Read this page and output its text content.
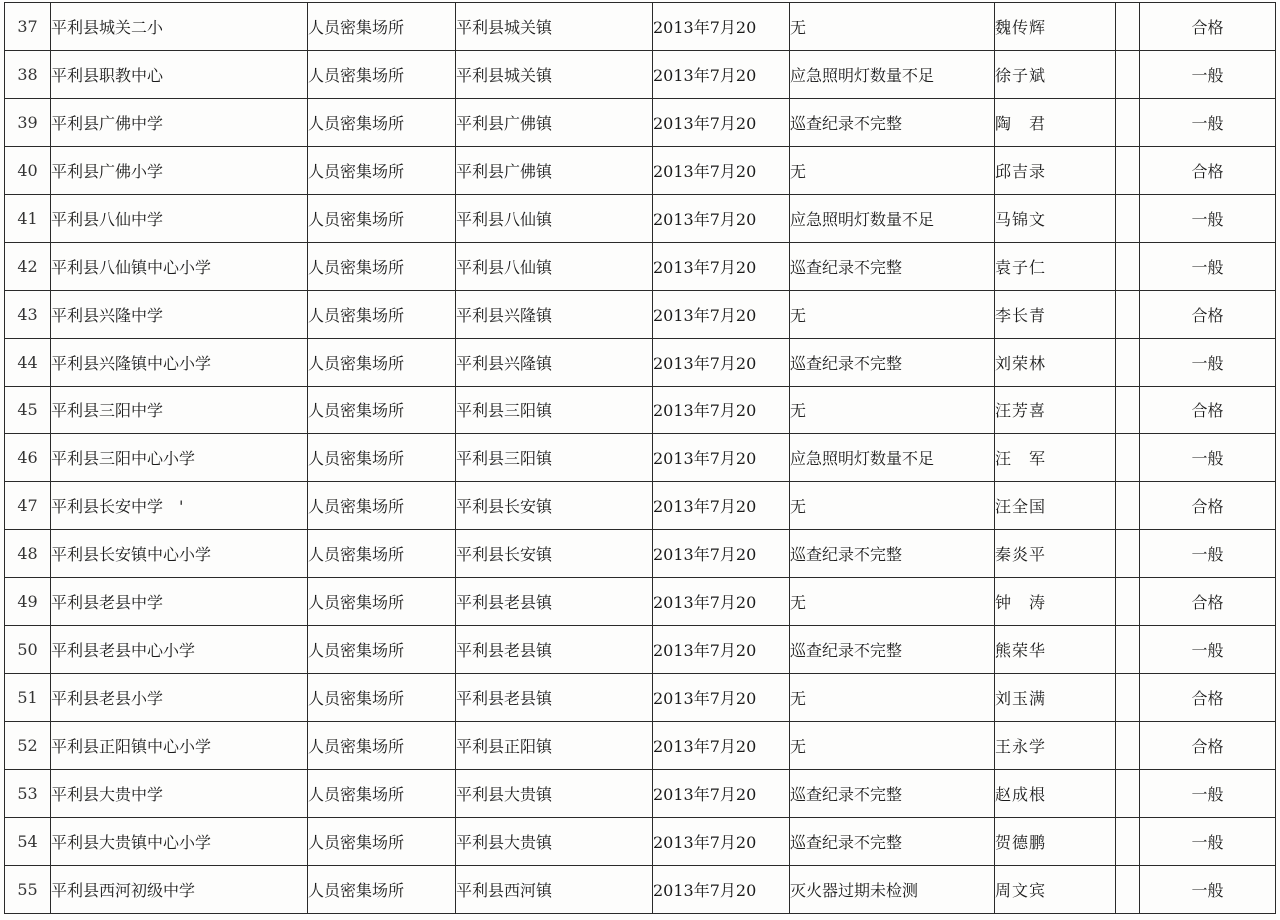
37	平利县城关二小	人员密集场所	平利县城关镇	2013年7月20	无	魏传辉		合格
38	平利县职教中心	人员密集场所	平利县城关镇	2013年7月20	应急照明灯数量不足	徐子斌		一般
39	平利县广佛中学	人员密集场所	平利县广佛镇	2013年7月20	巡查纪录不完整	陶　君		一般
40	平利县广佛小学	人员密集场所	平利县广佛镇	2013年7月20	无	邱吉录		合格
41	平利县八仙中学	人员密集场所	平利县八仙镇	2013年7月20	应急照明灯数量不足	马锦文		一般
42	平利县八仙镇中心小学	人员密集场所	平利县八仙镇	2013年7月20	巡查纪录不完整	袁子仁		一般
43	平利县兴隆中学	人员密集场所	平利县兴隆镇	2013年7月20	无	李长青		合格
44	平利县兴隆镇中心小学	人员密集场所	平利县兴隆镇	2013年7月20	巡查纪录不完整	刘荣林		一般
45	平利县三阳中学	人员密集场所	平利县三阳镇	2013年7月20	无	汪芳喜		合格
46	平利县三阳中心小学	人员密集场所	平利县三阳镇	2013年7月20	应急照明灯数量不足	汪　军		一般
47	平利县长安中学　'	人员密集场所	平利县长安镇	2013年7月20	无	汪全国		合格
48	平利县长安镇中心小学	人员密集场所	平利县长安镇	2013年7月20	巡查纪录不完整	秦炎平		一般
49	平利县老县中学	人员密集场所	平利县老县镇	2013年7月20	无	钟　涛		合格
50	平利县老县中心小学	人员密集场所	平利县老县镇	2013年7月20	巡查纪录不完整	熊荣华		一般
51	平利县老县小学	人员密集场所	平利县老县镇	2013年7月20	无	刘玉满		合格
52	平利县正阳镇中心小学	人员密集场所	平利县正阳镇	2013年7月20	无	王永学		合格
53	平利县大贵中学	人员密集场所	平利县大贵镇	2013年7月20	巡查纪录不完整	赵成根		一般
54	平利县大贵镇中心小学	人员密集场所	平利县大贵镇	2013年7月20	巡查纪录不完整	贺德鹏		一般
55	平利县西河初级中学	人员密集场所	平利县西河镇	2013年7月20	灭火器过期未检测	周文宾		一般
